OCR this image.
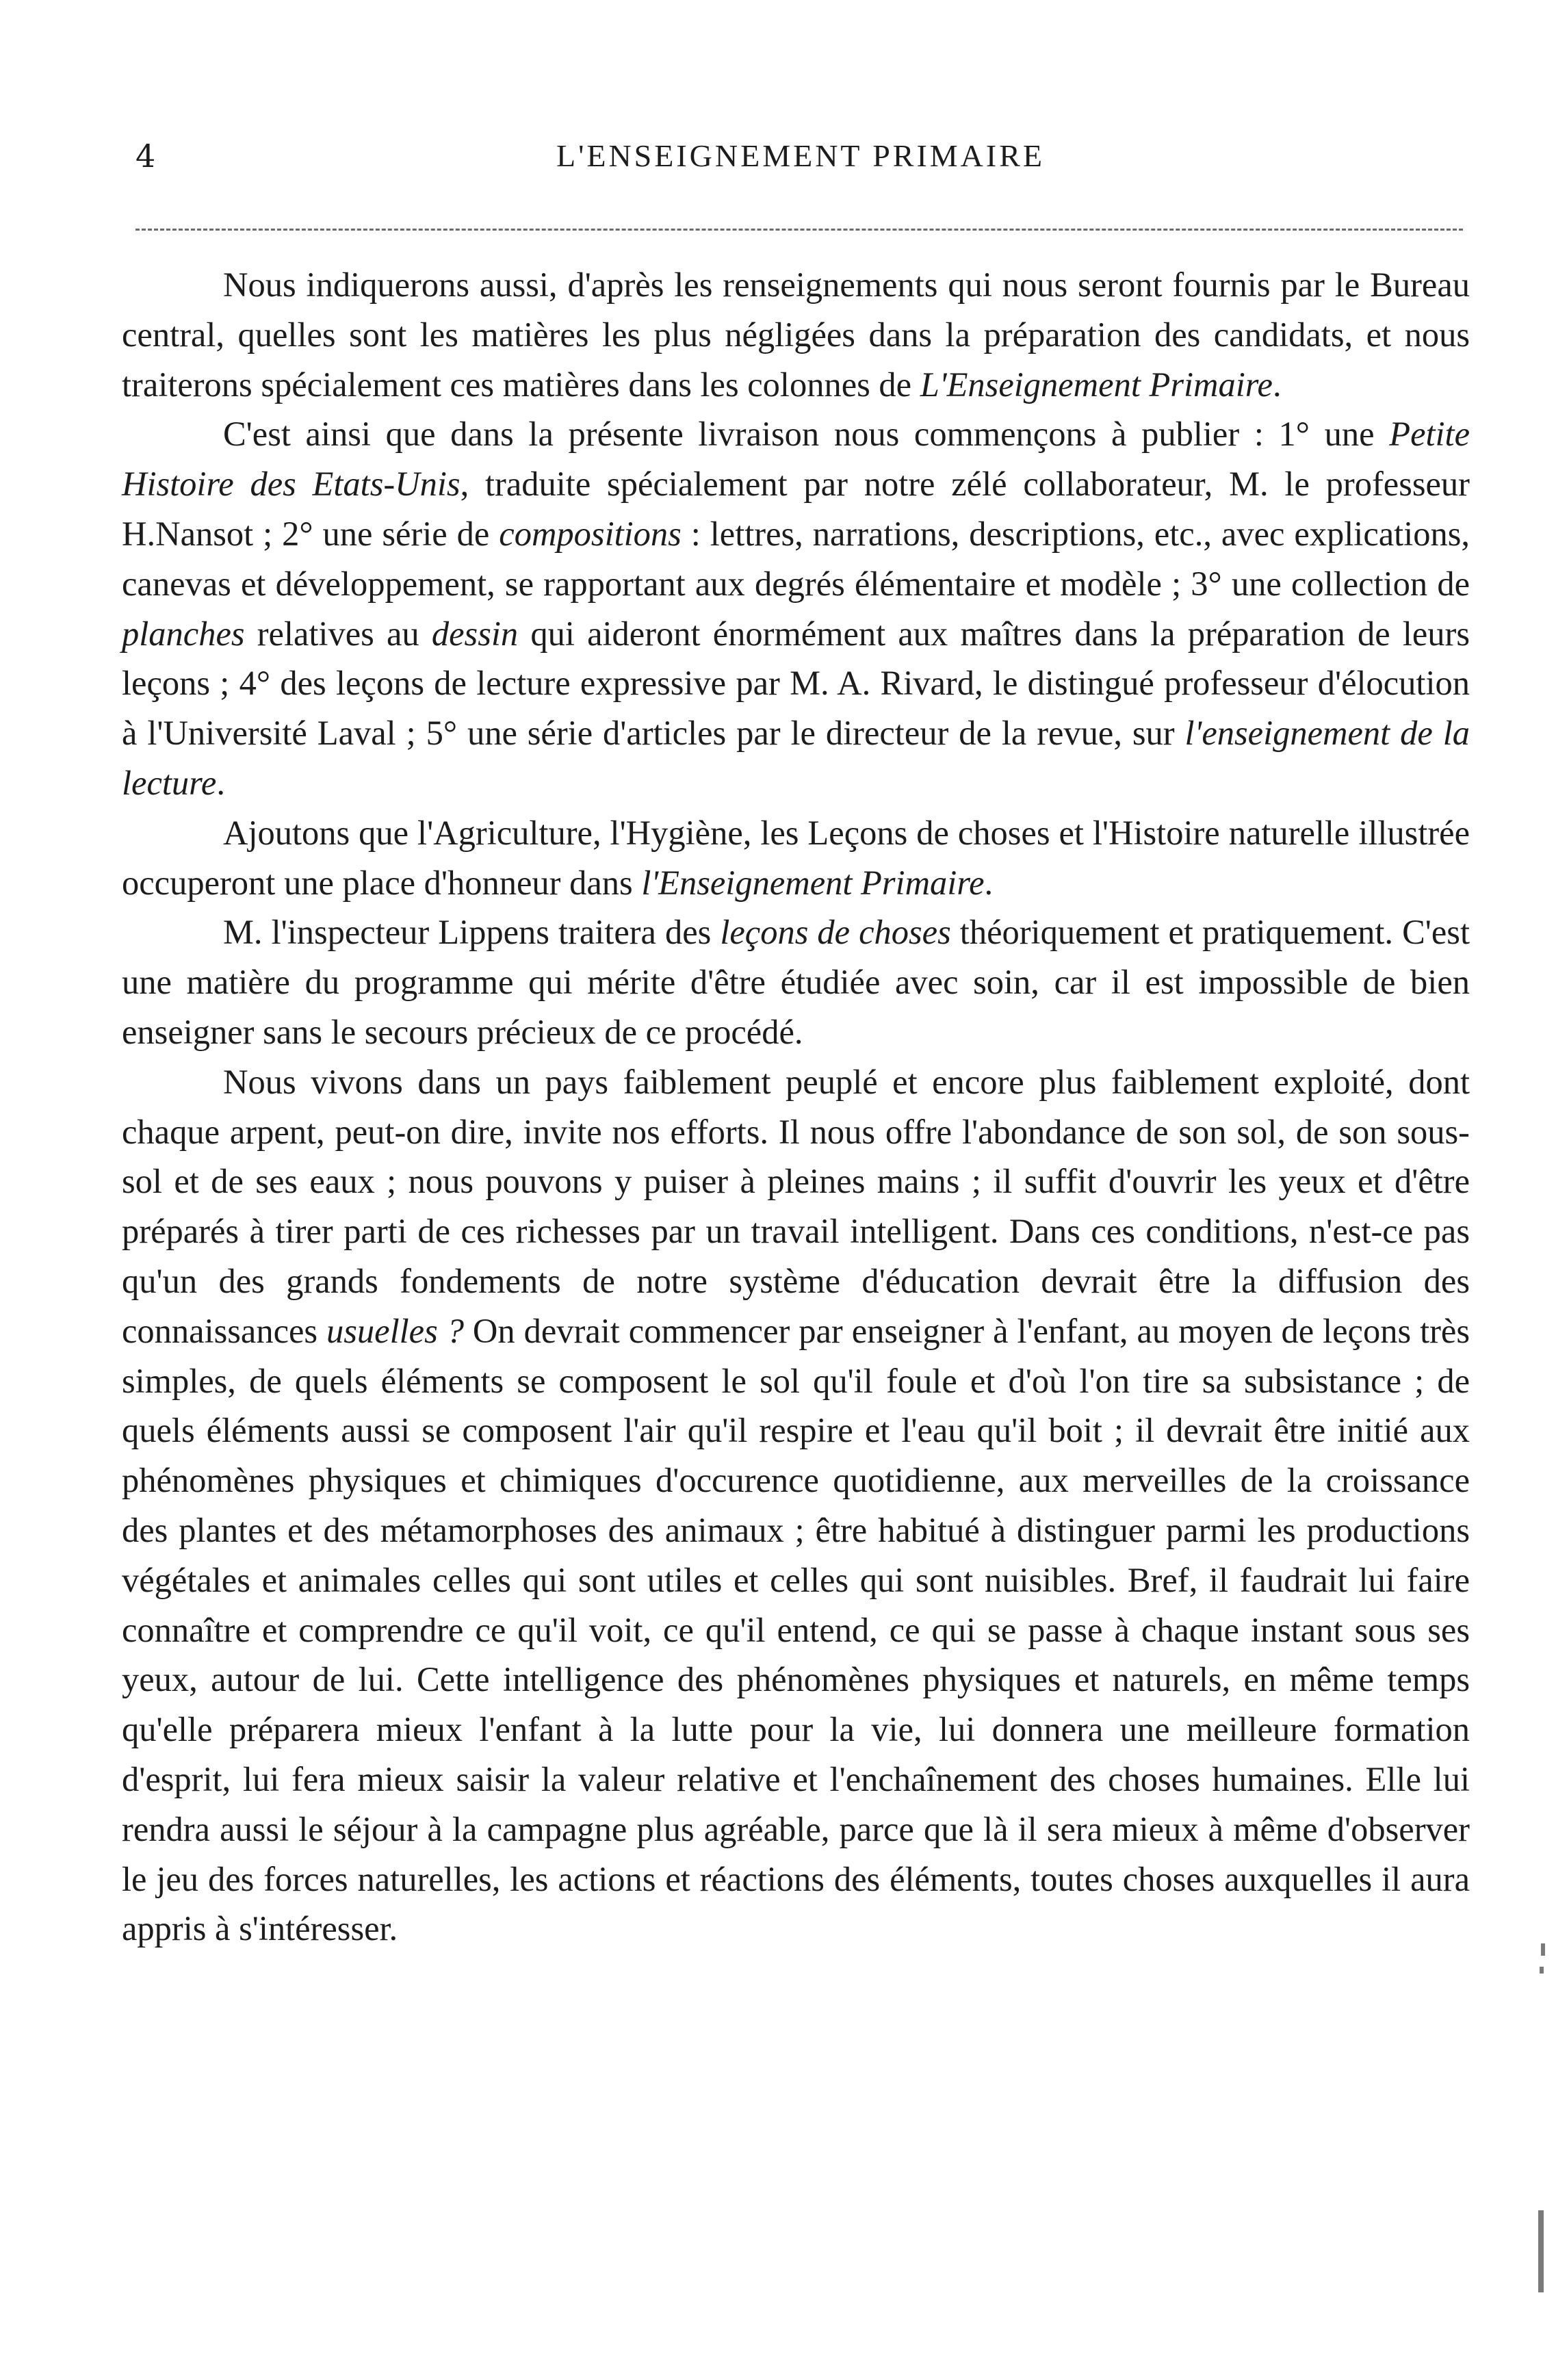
4	L'ENSEIGNEMENT PRIMAIRE

Nous indiquerons aussi, d'après les renseignements qui nous seront fournis par le Bureau central, quelles sont les matières les plus négligées dans la préparation des candidats, et nous traiterons spécialement ces matières dans les colonnes de L'Enseignement Primaire.

C'est ainsi que dans la présente livraison nous commençons à publier : 1° une Petite Histoire des Etats-Unis, traduite spécialement par notre zélé collaborateur, M. le professeur H.Nansot ; 2° une série de compositions : lettres, narrations, descriptions, etc., avec explications, canevas et développement, se rapportant aux degrés élémentaire et modèle ; 3° une collection de planches relatives au dessin qui aideront énormément aux maîtres dans la préparation de leurs leçons ; 4° des leçons de lecture expressive par M. A. Rivard, le distingué professeur d'élocution à l'Université Laval ; 5° une série d'articles par le directeur de la revue, sur l'enseignement de la lecture.

Ajoutons que l'Agriculture, l'Hygiène, les Leçons de choses et l'Histoire naturelle illustrée occuperont une place d'honneur dans l'Enseignement Primaire.

M. l'inspecteur Lippens traitera des leçons de choses théoriquement et pratiquement. C'est une matière du programme qui mérite d'être étudiée avec soin, car il est impossible de bien enseigner sans le secours précieux de ce procédé.

Nous vivons dans un pays faiblement peuplé et encore plus faiblement exploité, dont chaque arpent, peut-on dire, invite nos efforts. Il nous offre l'abondance de son sol, de son sous-sol et de ses eaux ; nous pouvons y puiser à pleines mains ; il suffit d'ouvrir les yeux et d'être préparés à tirer parti de ces richesses par un travail intelligent. Dans ces conditions, n'est-ce pas qu'un des grands fondements de notre système d'éducation devrait être la diffusion des connaissances usuelles ? On devrait commencer par enseigner à l'enfant, au moyen de leçons très simples, de quels éléments se composent le sol qu'il foule et d'où l'on tire sa subsistance ; de quels éléments aussi se composent l'air qu'il respire et l'eau qu'il boit ; il devrait être initié aux phénomènes physiques et chimiques d'occurence quotidienne, aux merveilles de la croissance des plantes et des métamorphoses des animaux ; être habitué à distinguer parmi les productions végétales et animales celles qui sont utiles et celles qui sont nuisibles. Bref, il faudrait lui faire connaître et comprendre ce qu'il voit, ce qu'il entend, ce qui se passe à chaque instant sous ses yeux, autour de lui. Cette intelligence des phénomènes physiques et naturels, en même temps qu'elle préparera mieux l'enfant à la lutte pour la vie, lui donnera une meilleure formation d'esprit, lui fera mieux saisir la valeur relative et l'enchaînement des choses humaines. Elle lui rendra aussi le séjour à la campagne plus agréable, parce que là il sera mieux à même d'observer le jeu des forces naturelles, les actions et réactions des éléments, toutes choses auxquelles il aura appris à s'intéresser.
